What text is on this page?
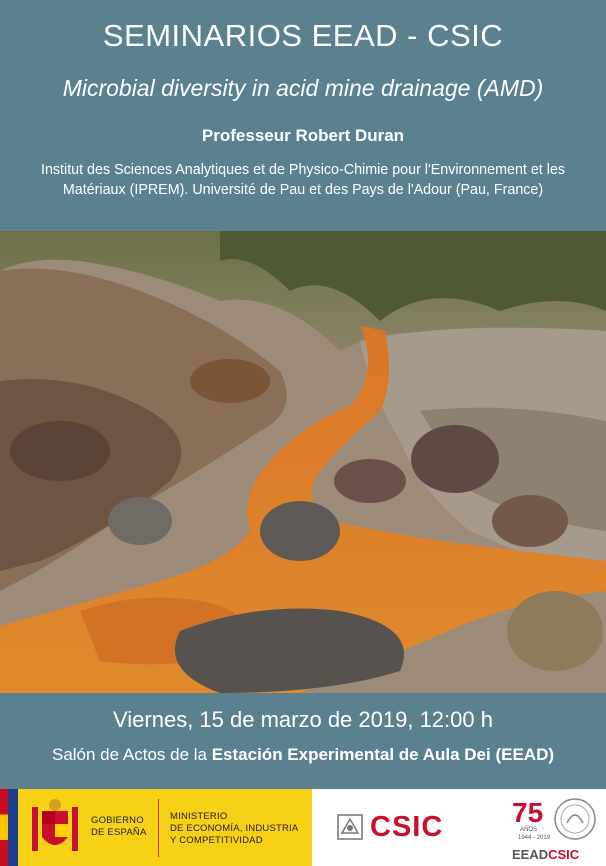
SEMINARIOS EEAD - CSIC
Microbial diversity in acid mine drainage (AMD)
Professeur Robert Duran
Institut des Sciences Analytiques et de Physico-Chimie pour l'Environnement et les Matériaux (IPREM). Université de Pau et des Pays de l'Adour (Pau, France)
Viernes, 15 de marzo de 2019, 12:00 h
Salón de Actos de la Estación Experimental de Aula Dei (EEAD)
GOBIERNO
DE ESPAÑA
MINISTERIO
DE ECONOMÍA, INDUSTRIA
Y COMPETITIVIDAD	CSIC 75
AÑOS
1944 - 2019
EEADCSIC
